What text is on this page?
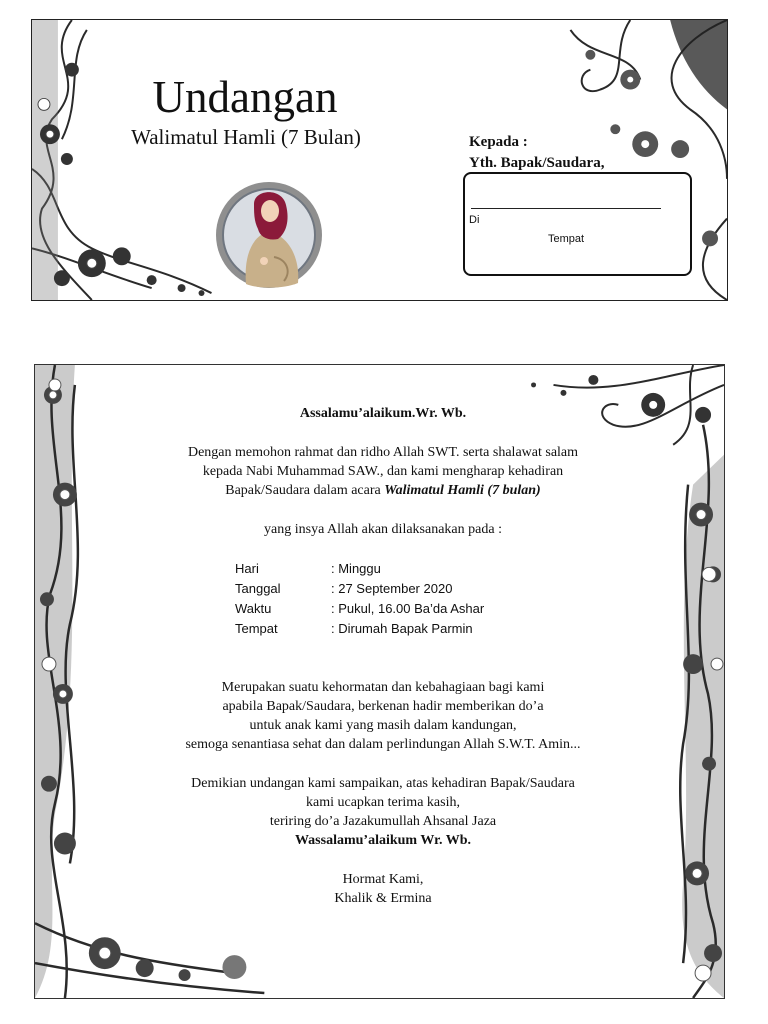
Undangan
Walimatul Hamli (7 Bulan)	Kepada :
Yth. Bapak/Saudara,
Di
Tempat
Assalamu’alaikum.Wr. Wb.
Dengan memohon rahmat dan ridho Allah SWT. serta shalawat salam
kepada Nabi Muhammad SAW., dan kami mengharap kehadiran
Bapak/Saudara dalam acara Walimatul Hamli (7 bulan)
yang insya Allah akan dilaksanakan pada :
Hari	: Minggu
Tanggal	: 27 September 2020
Waktu	: Pukul, 16.00 Ba’da Ashar
Tempat	: Dirumah Bapak Parmin
Merupakan suatu kehormatan dan kebahagiaan bagi kami
apabila Bapak/Saudara, berkenan hadir memberikan do’a
untuk anak kami yang masih dalam kandungan,
semoga senantiasa sehat dan dalam perlindungan Allah S.W.T. Amin...
Demikian undangan kami sampaikan, atas kehadiran Bapak/Saudara
kami ucapkan terima kasih,
teriring do’a Jazakumullah Ahsanal Jaza
Wassalamu’alaikum Wr. Wb.
Hormat Kami,
Khalik & Ermina
